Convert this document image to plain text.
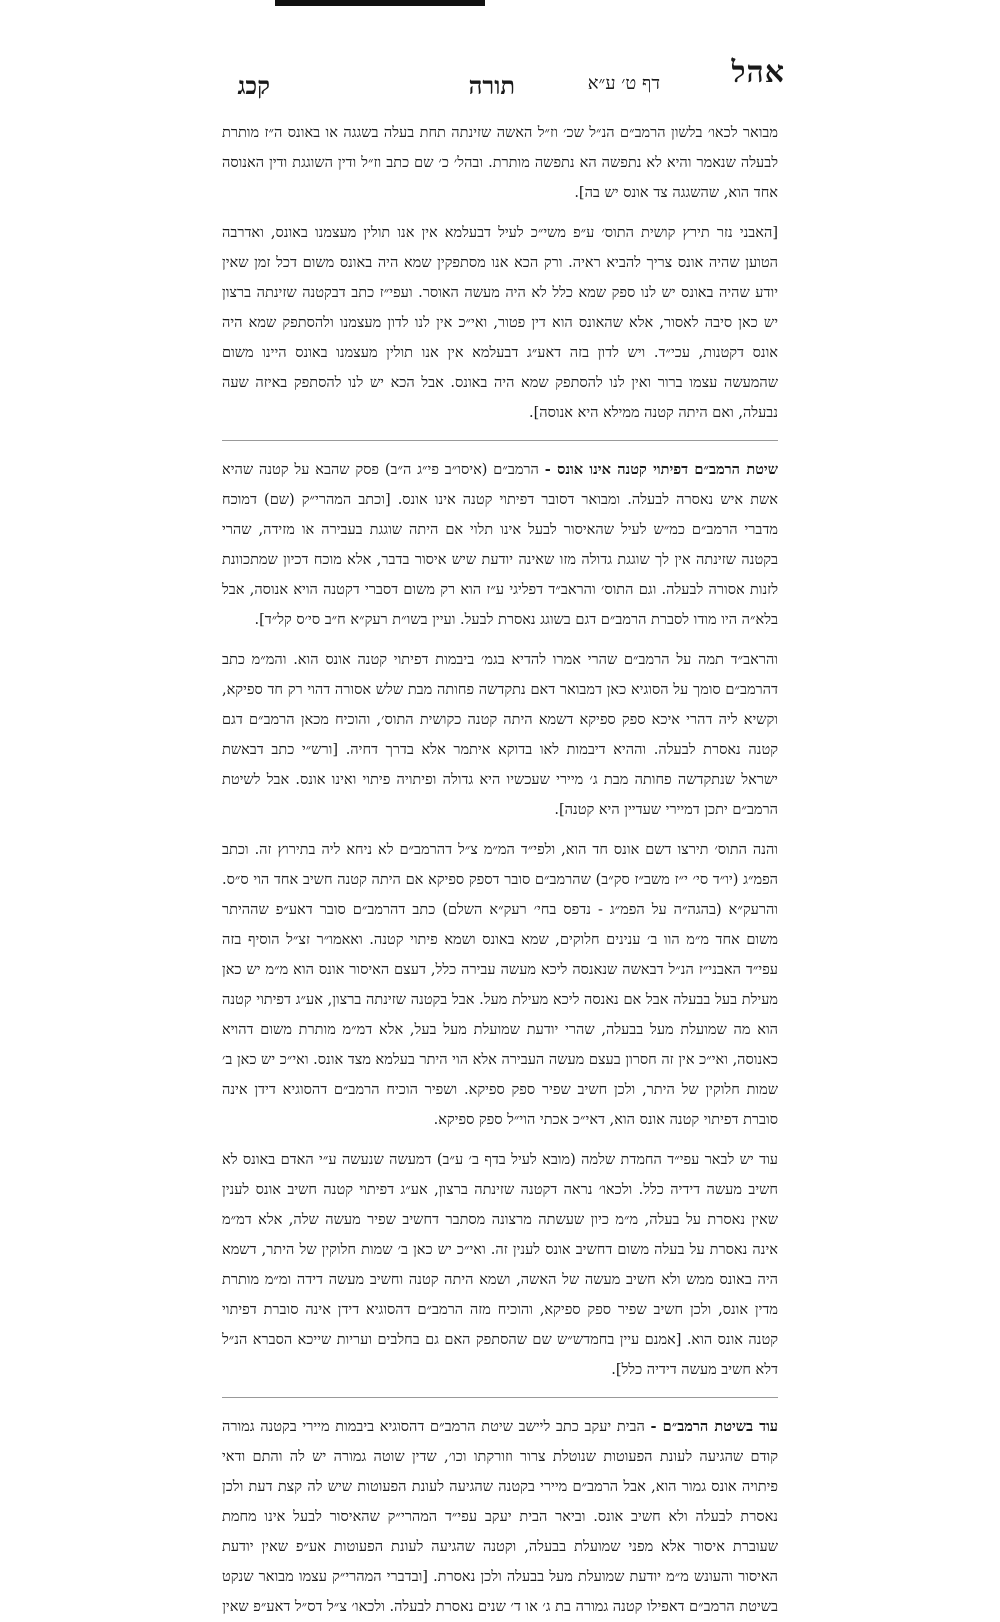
אהל
דף ט׳ ע״א
תורה
קכג

מבואר לכאו׳ בלשון הרמב״ם הנ״ל שכ׳ וז״ל האשה שזינתה תחת בעלה בשגגה או באונס ה״ז מותרת לבעלה שנאמר והיא לא נתפשה הא נתפשה מותרת. ובהל׳ כ׳ שם כתב וז״ל ודין השוגגת ודין האנוסה אחד הוא, שהשגגה צד אונס יש בה].

[האבני נזר תירץ קושית התוס׳ ע״פ משי״כ לעיל דבעלמא אין אנו תולין מעצמנו באונס, ואדרבה הטוען שהיה אונס צריך להביא ראיה. ורק הכא אנו מסתפקין שמא היה באונס משום דכל זמן שאין יודע שהיה באונס יש לנו ספק שמא כלל לא היה מעשה האוסר. ועפי״ז כתב דבקטנה שזינתה ברצון יש כאן סיבה לאסור, אלא שהאונס הוא דין פטור, ואי״כ אין לנו לדון מעצמנו ולהסתפק שמא היה אונס דקטנות, עכי״ד. ויש לדון בזה דאע״ג דבעלמא אין אנו תולין מעצמנו באונס היינו משום שהמעשה עצמו ברור ואין לנו להסתפק שמא היה באונס. אבל הכא יש לנו להסתפק באיזה שעה נבעלה, ואם היתה קטנה ממילא היא אנוסה].

שיטת הרמב״ם דפיתוי קטנה אינו אונס - הרמב״ם (איסו״ב פי״ג ה״ב) פסק שהבא על קטנה שהיא אשת איש נאסרה לבעלה. ומבואר דסובר דפיתוי קטנה אינו אונס. [וכתב המהרי״ק (שם) דמוכח מדברי הרמב״ם כמ״ש לעיל שהאיסור לבעל אינו תלוי אם היתה שוגגת בעבירה או מזידה, שהרי בקטנה שזינתה אין לך שוגגת גדולה מזו שאינה יודעת שיש איסור בדבר, אלא מוכח דכיון שמתכוונת לזנות אסורה לבעלה. וגם התוס׳ והראב״ד דפליגי ע״ז הוא רק משום דסברי דקטנה הויא אנוסה, אבל בלא״ה היו מודו לסברת הרמב״ם דגם בשוגג נאסרת לבעל. ועיין בשו״ת רעק״א ח״ב סי׳ס קל״ד].

והראב״ד תמה על הרמב״ם שהרי אמרו להדיא בגמ׳ ביבמות דפיתוי קטנה אונס הוא. והמ״מ כתב דהרמב״ם סומך על הסוגיא כאן דמבואר דאם נתקדשה פחותה מבת שלש אסורה דהוי רק חד ספיקא, וקשיא ליה דהרי איכא ספק ספיקא דשמא היתה קטנה כקושית התוס׳, והוכיח מכאן הרמב״ם דגם קטנה נאסרת לבעלה. וההיא דיבמות לאו בדוקא איתמר אלא בדרך דחיה. [ורש״י כתב דבאשת ישראל שנתקדשה פחותה מבת ג׳ מיירי שעכשיו היא גדולה ופיתויה פיתוי ואינו אונס. אבל לשיטת הרמב״ם יתכן דמיירי שעדיין היא קטנה].

והנה התוס׳ תירצו דשם אונס חד הוא, ולפי״ד המ״מ צ״ל דהרמב״ם לא ניחא ליה בתירוץ זה. וכתב הפמ״ג (יו״ד סי׳ י״ז משב״ז סק״ב) שהרמב״ם סובר דספק ספיקא אם היתה קטנה חשיב אחד הוי ס״ס. והרעק״א (בהגה״ה על הפמ״ג - נדפס בחי׳ רעק״א השלם) כתב דהרמב״ם סובר דאע״פ שההיתר משום אחד מ״מ הוו ב׳ ענינים חלוקים, שמא באונס ושמא פיתוי קטנה. ואאמו״ר זצ״ל הוסיף בזה עפי״ד האבני״ז הנ״ל דבאשה שנאנסה ליכא מעשה עבירה כלל, דעצם האיסור אונס הוא מ״מ יש כאן מעילת בעל בבעלה אבל אם נאנסה ליכא מעילת מעל. אבל בקטנה שזינתה ברצון, אע״ג דפיתוי קטנה הוא מה שמועלת מעל בבעלה, שהרי יודעת שמועלת מעל בעל, אלא דמ״מ מותרת משום דהויא כאנוסה, ואי״כ אין זה חסרון בעצם מעשה העבירה אלא הוי היתר בעלמא מצד אונס. ואי״כ יש כאן ב׳ שמות חלוקין של היתר, ולכן חשיב שפיר ספק ספיקא. ושפיר הוכיח הרמב״ם דהסוגיא דידן אינה סוברת דפיתוי קטנה אונס הוא, דאי״כ אכתי הוי״ל ספק ספיקא.

עוד יש לבאר עפי״ד החמדת שלמה (מובא לעיל בדף ב׳ ע״ב) דמעשה שנעשה ע״י האדם באונס לא חשיב מעשה דידיה כלל. ולכאו׳ נראה דקטנה שזינתה ברצון, אע״ג דפיתוי קטנה חשיב אונס לענין שאין נאסרת על בעלה, מ״מ כיון שעשתה מרצונה מסתבר דחשיב שפיר מעשה שלה, אלא דמ״מ אינה נאסרת על בעלה משום דחשיב אונס לענין זה. ואי״כ יש כאן ב׳ שמות חלוקין של היתר, דשמא היה באונס ממש ולא חשיב מעשה של האשה, ושמא היתה קטנה וחשיב מעשה דידה ומ״מ מותרת מדין אונס, ולכן חשיב שפיר ספק ספיקא, והוכיח מזה הרמב״ם דהסוגיא דידן אינה סוברת דפיתוי קטנה אונס הוא. [אמנם עיין בחמדש״ש שם שהסתפק האם גם בחלבים ועריות שייכא הסברא הנ״ל דלא חשיב מעשה דידיה כלל].

עוד בשיטת הרמב״ם - הבית יעקב כתב ליישב שיטת הרמב״ם דהסוגיא ביבמות מיירי בקטנה גמורה קודם שהגיעה לעונת הפעוטות שנוטלת צרור וזורקתו וכו׳, שדין שוטה גמורה יש לה והתם ודאי פיתויה אונס גמור הוא, אבל הרמב״ם מיירי בקטנה שהגיעה לעונת הפעוטות שיש לה קצת דעת ולכן נאסרת לבעלה ולא חשיב אונס. וביאר הבית יעקב עפי״ד המהרי״ק שהאיסור לבעל אינו מחמת שעוברת איסור אלא מפני שמועלת בבעלה, וקטנה שהגיעה לעונת הפעוטות אע״פ שאין יודעת האיסור והעונש מ״מ יודעת שמועלת מעל בבעלה ולכן נאסרת. [ובדברי המהרי״ק עצמו מבואר שנקט בשיטת הרמב״ם דאפילו קטנה גמורה בת ג׳ או ד׳ שנים נאסרת לבעלה. ולכאו׳ צ״ל דס״ל דאע״פ שאין
